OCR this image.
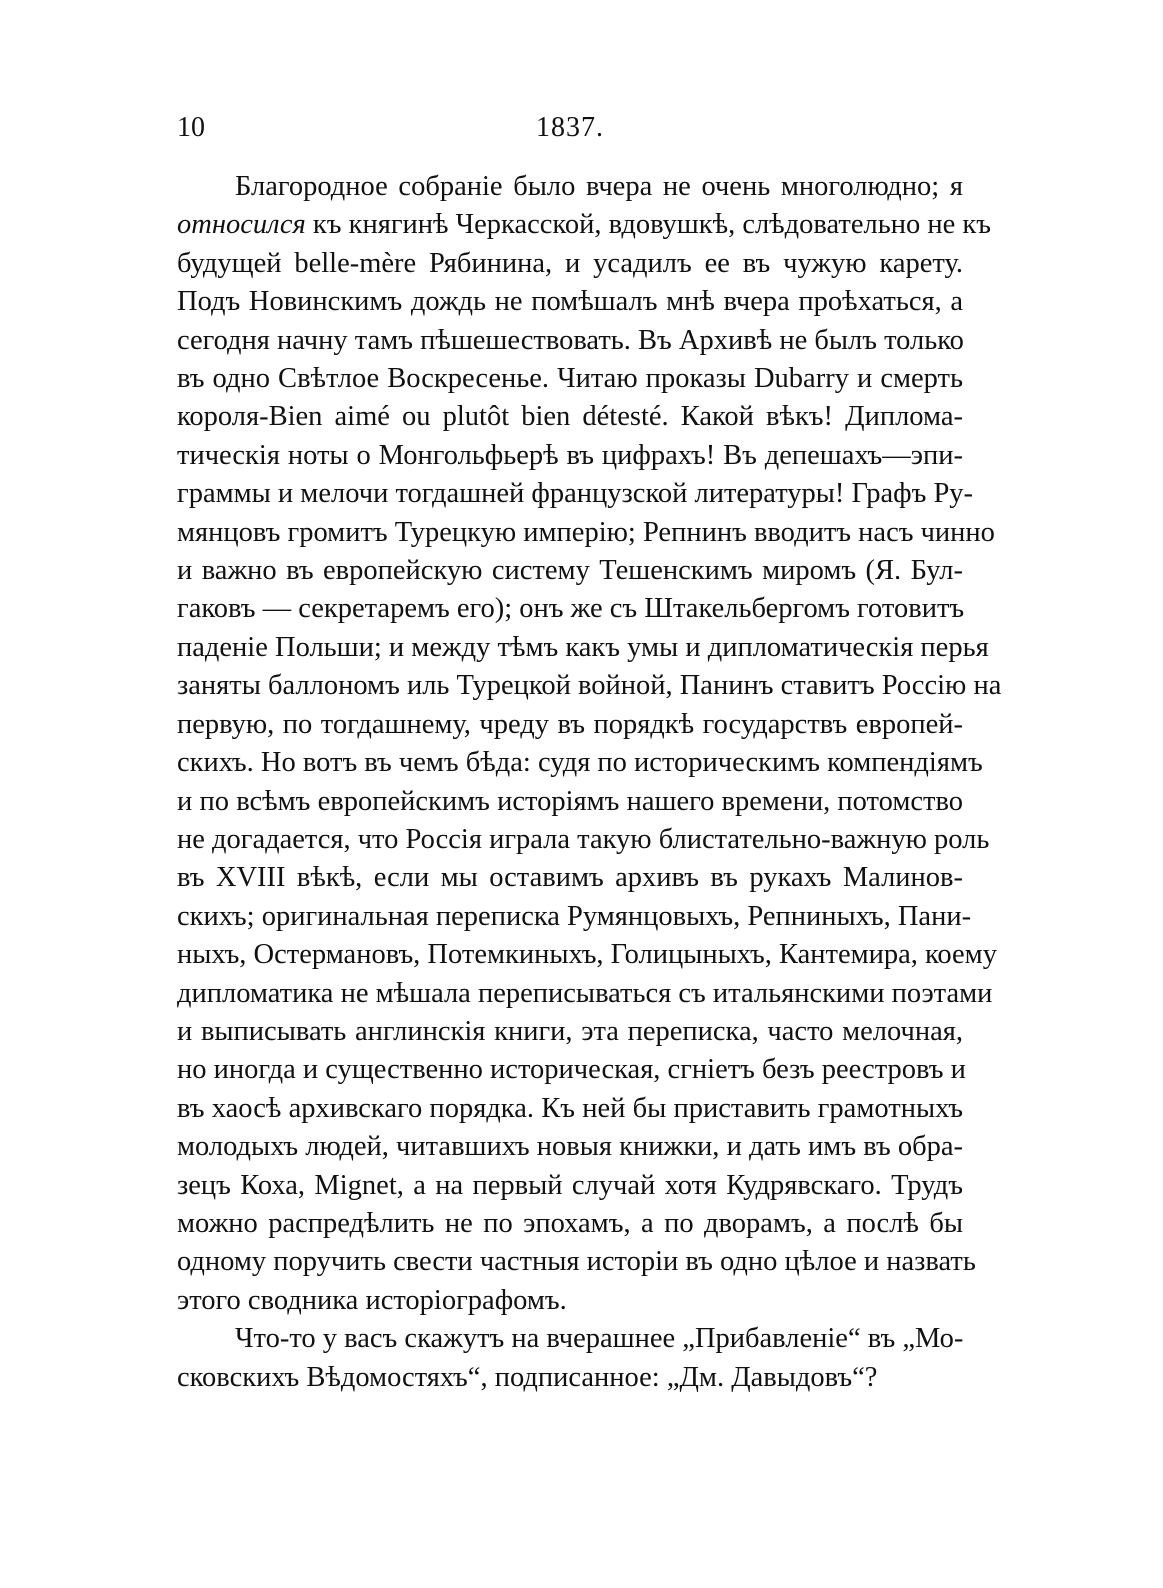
10	1837.

Благородное собраніе было вчера не очень многолюдно; я
относился къ княгинѣ Черкасской, вдовушкѣ, слѣдовательно не къ
будущей belle-mère Рябинина, и усадилъ ее въ чужую карету.
Подъ Новинскимъ дождь не помѣшалъ мнѣ вчера проѣхаться, а
сегодня начну тамъ пѣшешествовать. Въ Архивѣ не былъ только
въ одно Свѣтлое Воскресенье. Читаю проказы Dubarry и смерть
короля-Bien aimé ou plutôt bien détesté. Какой вѣкъ! Диплома-
тическія ноты о Монгольфьерѣ въ цифрахъ! Въ депешахъ—эпи-
граммы и мелочи тогдашней французской литературы! Графъ Ру-
мянцовъ громитъ Турецкую имперію; Репнинъ вводитъ насъ чинно
и важно въ европейскую систему Тешенскимъ миромъ (Я. Бул-
гаковъ — секретаремъ его); онъ же съ Штакельбергомъ готовитъ
паденіе Польши; и между тѣмъ какъ умы и дипломатическія перья
заняты баллономъ иль Турецкой войной, Панинъ ставитъ Россію на
первую, по тогдашнему, чреду въ порядкѣ государствъ европей-
скихъ. Но вотъ въ чемъ бѣда: судя по историческимъ компендіямъ
и по всѣмъ европейскимъ исторіямъ нашего времени, потомство
не догадается, что Россія играла такую блистательно-важную роль
въ XVIII вѣкѣ, если мы оставимъ архивъ въ рукахъ Малинов-
скихъ; оригинальная переписка Румянцовыхъ, Репниныхъ, Пани-
ныхъ, Остермановъ, Потемкиныхъ, Голицыныхъ, Кантемира, коему
дипломатика не мѣшала переписываться съ итальянскими поэтами
и выписывать англинскія книги, эта переписка, часто мелочная,
но иногда и существенно историческая, сгніетъ безъ реестровъ и
въ хаосѣ архивскаго порядка. Къ ней бы приставить грамотныхъ
молодыхъ людей, читавшихъ новыя книжки, и дать имъ въ обра-
зецъ Коха, Mignet, а на первый случай хотя Кудрявскаго. Трудъ
можно распредѣлить не по эпохамъ, а по дворамъ, а послѣ бы
одному поручить свести частныя исторіи въ одно цѣлое и назвать
этого сводника исторіографомъ.

Что-то у васъ скажутъ на вчерашнее „Прибавленіе“ въ „Мо-
сковскихъ Вѣдомостяхъ“, подписанное: „Дм. Давыдовъ“?
